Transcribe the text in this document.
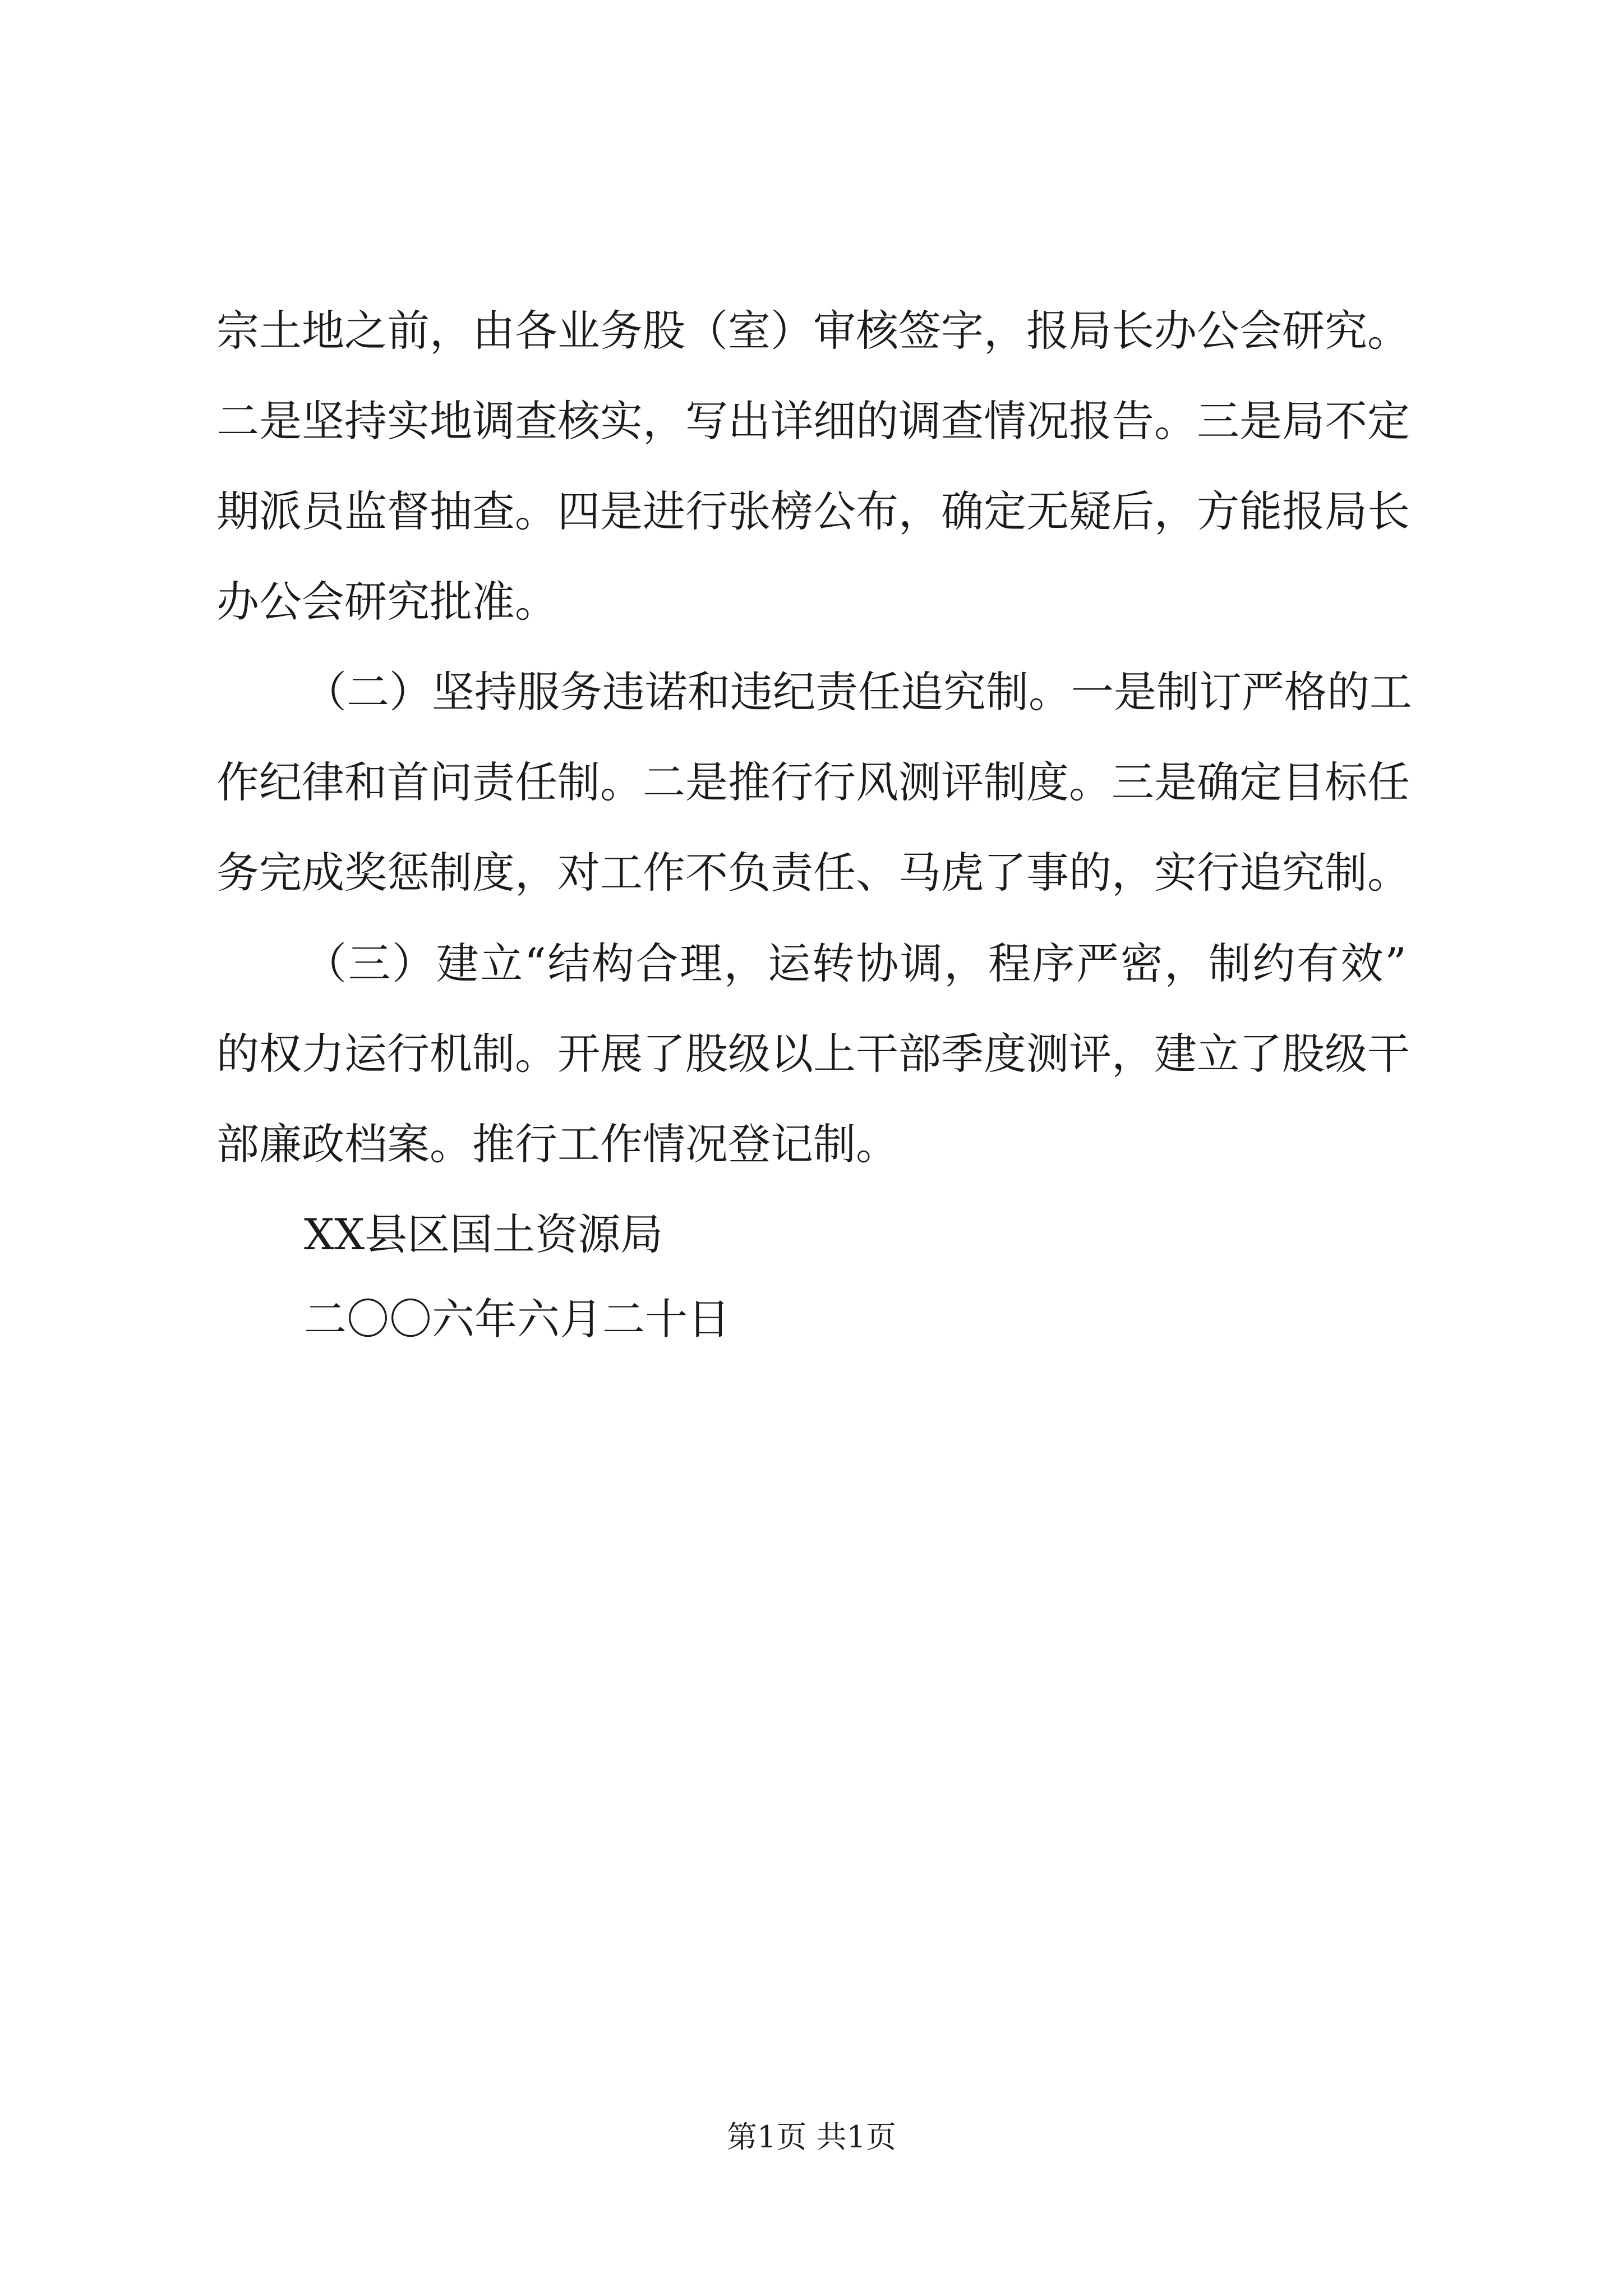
宗土地之前，由各业务股（室）审核签字，报局长办公会研究。
二是坚持实地调查核实，写出详细的调查情况报告。三是局不定
期派员监督抽查。四是进行张榜公布，确定无疑后，方能报局长
办公会研究批准。
（二）坚持服务违诺和违纪责任追究制。一是制订严格的工
作纪律和首问责任制。二是推行行风测评制度。三是确定目标任
务完成奖惩制度，对工作不负责任、马虎了事的，实行追究制。
（三）建立“结构合理，运转协调，程序严密，制约有效”
的权力运行机制。开展了股级以上干部季度测评，建立了股级干
部廉政档案。推行工作情况登记制。
XX县区国土资源局
二〇〇六年六月二十日
第1页 共1页
